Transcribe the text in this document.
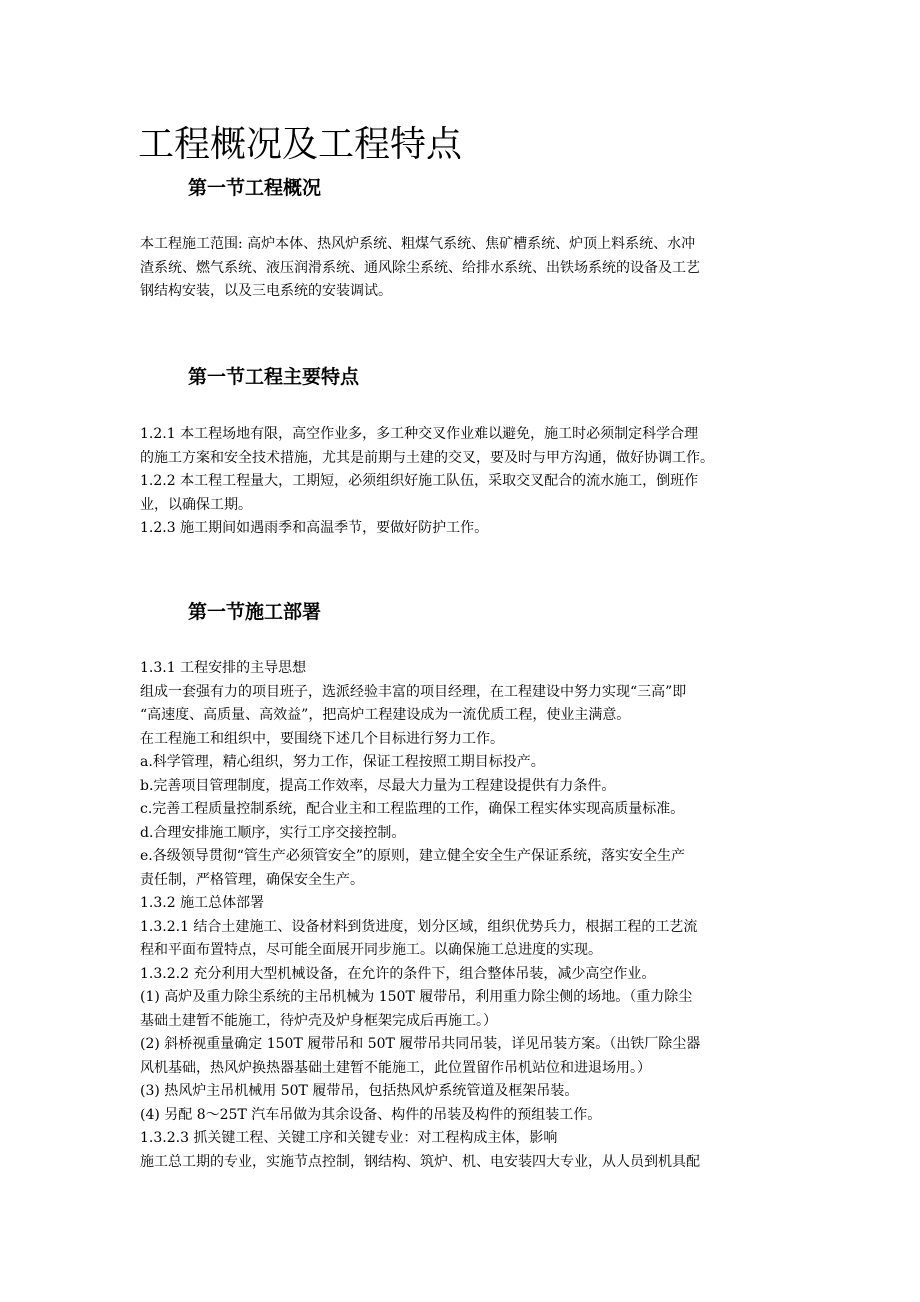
工程概况及工程特点
第一节工程概况
本工程施工范围: 高炉本体、热风炉系统、粗煤气系统、焦矿槽系统、炉顶上料系统、水冲
渣系统、燃气系统、液压润滑系统、通风除尘系统、给排水系统、出铁场系统的设备及工艺
钢结构安装，以及三电系统的安装调试。
第一节工程主要特点
1.2.1 本工程场地有限，高空作业多，多工种交叉作业难以避免，施工时必须制定科学合理
的施工方案和安全技术措施，尤其是前期与土建的交叉，要及时与甲方沟通，做好协调工作。
1.2.2 本工程工程量大，工期短，必须组织好施工队伍，采取交叉配合的流水施工，倒班作
业，以确保工期。
1.2.3 施工期间如遇雨季和高温季节，要做好防护工作。
第一节施工部署
1.3.1 工程安排的主导思想
组成一套强有力的项目班子，选派经验丰富的项目经理，在工程建设中努力实现“三高”即
“高速度、高质量、高效益”，把高炉工程建设成为一流优质工程，使业主满意。
在工程施工和组织中，要围绕下述几个目标进行努力工作。
a.科学管理，精心组织，努力工作，保证工程按照工期目标投产。
b.完善项目管理制度，提高工作效率，尽最大力量为工程建设提供有力条件。
c.完善工程质量控制系统，配合业主和工程监理的工作，确保工程实体实现高质量标准。
d.合理安排施工顺序，实行工序交接控制。
e.各级领导贯彻“管生产必须管安全”的原则，建立健全安全生产保证系统，落实安全生产
责任制，严格管理，确保安全生产。
1.3.2 施工总体部署
1.3.2.1 结合土建施工、设备材料到货进度，划分区域，组织优势兵力，根据工程的工艺流
程和平面布置特点，尽可能全面展开同步施工。以确保施工总进度的实现。
1.3.2.2 充分利用大型机械设备，在允许的条件下，组合整体吊装，减少高空作业。
(1) 高炉及重力除尘系统的主吊机械为 150T 履带吊，利用重力除尘侧的场地。（重力除尘
基础土建暂不能施工，待炉壳及炉身框架完成后再施工。）
(2) 斜桥视重量确定 150T 履带吊和 50T 履带吊共同吊装，详见吊装方案。（出铁厂除尘器
风机基础，热风炉换热器基础土建暂不能施工，此位置留作吊机站位和进退场用。）
(3) 热风炉主吊机械用 50T 履带吊，包括热风炉系统管道及框架吊装。
(4) 另配 8～25T 汽车吊做为其余设备、构件的吊装及构件的预组装工作。
1.3.2.3 抓关键工程、关键工序和关键专业：对工程构成主体，影响
施工总工期的专业，实施节点控制，钢结构、筑炉、机、电安装四大专业，从人员到机具配
